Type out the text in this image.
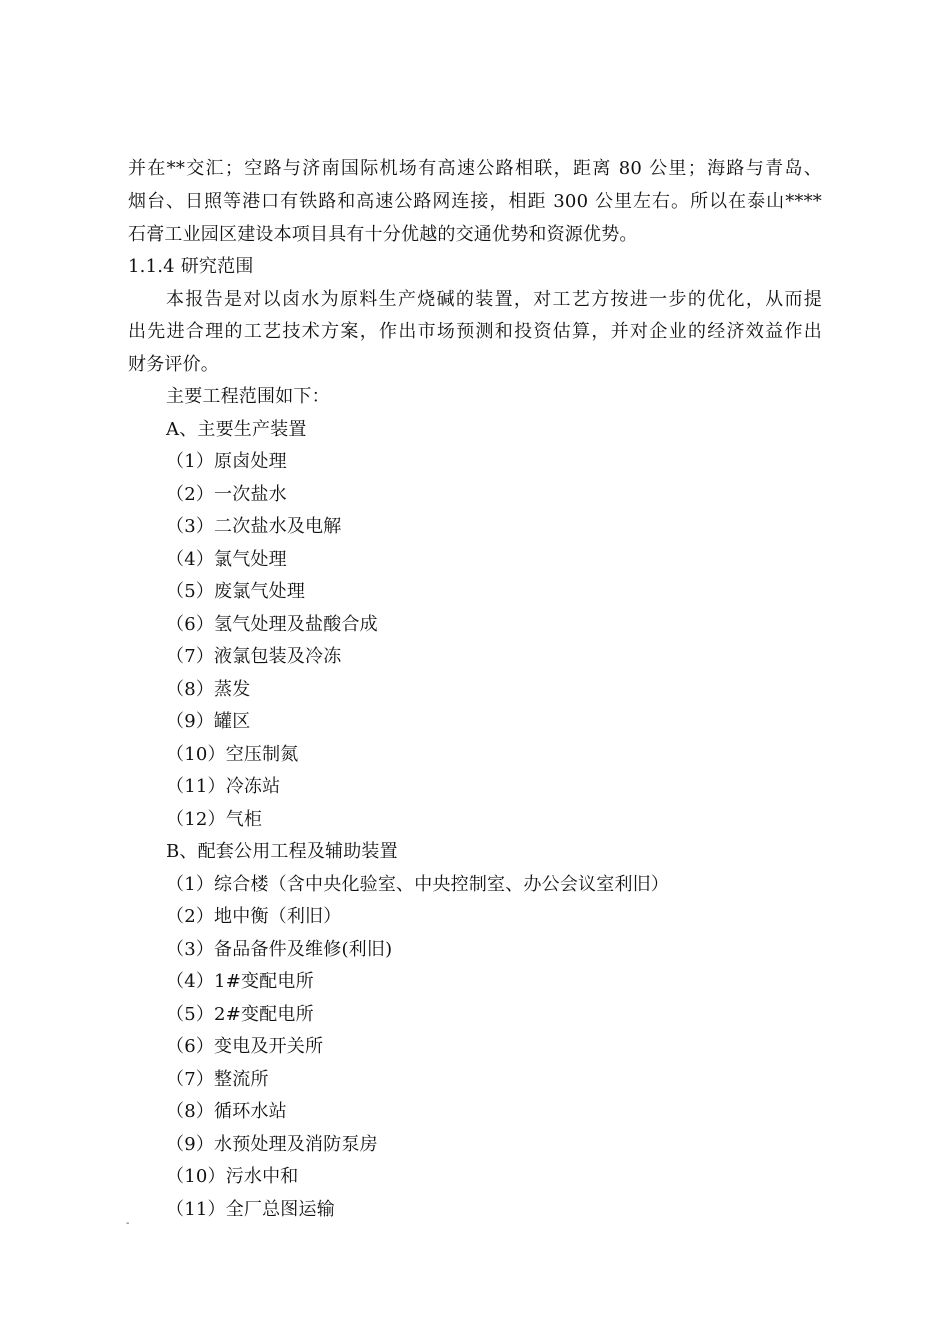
并在**交汇；空路与济南国际机场有高速公路相联，距离 80 公里；海路与青岛、
烟台、日照等港口有铁路和高速公路网连接，相距 300 公里左右。所以在泰山****
石膏工业园区建设本项目具有十分优越的交通优势和资源优势。
1.1.4 研究范围
本报告是对以卤水为原料生产烧碱的装置，对工艺方按进一步的优化，从而提
出先进合理的工艺技术方案，作出市场预测和投资估算，并对企业的经济效益作出
财务评价。
主要工程范围如下：
A、主要生产装置
（1）原卤处理
（2）一次盐水
（3）二次盐水及电解
（4）氯气处理
（5）废氯气处理
（6）氢气处理及盐酸合成
（7）液氯包装及冷冻
（8）蒸发
（9）罐区
（10）空压制氮
（11）冷冻站
（12）气柜
B、配套公用工程及辅助装置
（1）综合楼（含中央化验室、中央控制室、办公会议室利旧）
（2）地中衡（利旧）
（3）备品备件及维修(利旧)
（4）1#变配电所
（5）2#变配电所
（6）变电及开关所
（7）整流所
（8）循环水站
（9）水预处理及消防泵房
（10）污水中和
（11）全厂总图运输
-
